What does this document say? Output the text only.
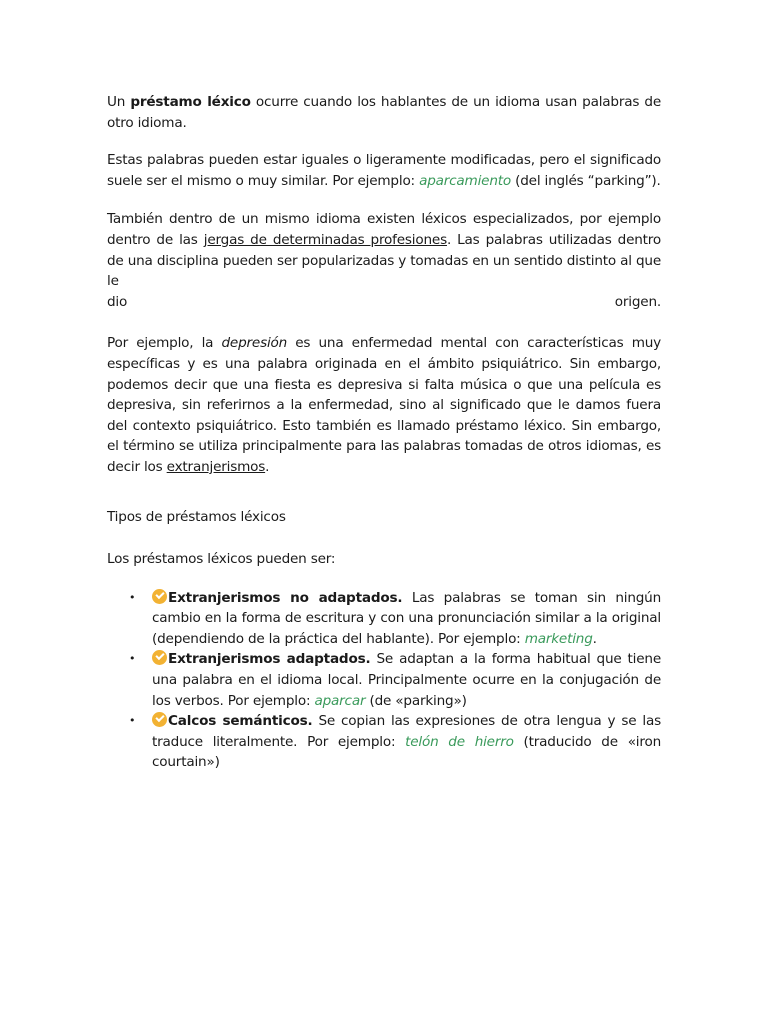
Un préstamo léxico ocurre cuando los hablantes de un idioma usan palabras de otro idioma.

Estas palabras pueden estar iguales o ligeramente modificadas, pero el significado suele ser el mismo o muy similar. Por ejemplo: aparcamiento (del inglés “parking”).

También dentro de un mismo idioma existen léxicos especializados, por ejemplo dentro de las jergas de determinadas profesiones. Las palabras utilizadas dentro de una disciplina pueden ser popularizadas y tomadas en un sentido distinto al que le
dio	origen.

Por ejemplo, la depresión es una enfermedad mental con características muy específicas y es una palabra originada en el ámbito psiquiátrico. Sin embargo, podemos decir que una fiesta es depresiva si falta música o que una película es depresiva, sin referirnos a la enfermedad, sino al significado que le damos fuera del contexto psiquiátrico. Esto también es llamado préstamo léxico. Sin embargo, el término se utiliza principalmente para las palabras tomadas de otros idiomas, es decir los extranjerismos.

Tipos de préstamos léxicos

Los préstamos léxicos pueden ser:

• Extranjerismos no adaptados. Las palabras se toman sin ningún cambio en la forma de escritura y con una pronunciación similar a la original (dependiendo de la práctica del hablante). Por ejemplo: marketing.
• Extranjerismos adaptados. Se adaptan a la forma habitual que tiene una palabra en el idioma local. Principalmente ocurre en la conjugación de los verbos. Por ejemplo: aparcar (de «parking»)
• Calcos semánticos. Se copian las expresiones de otra lengua y se las traduce literalmente. Por ejemplo: telón de hierro (traducido de «iron courtain»)
